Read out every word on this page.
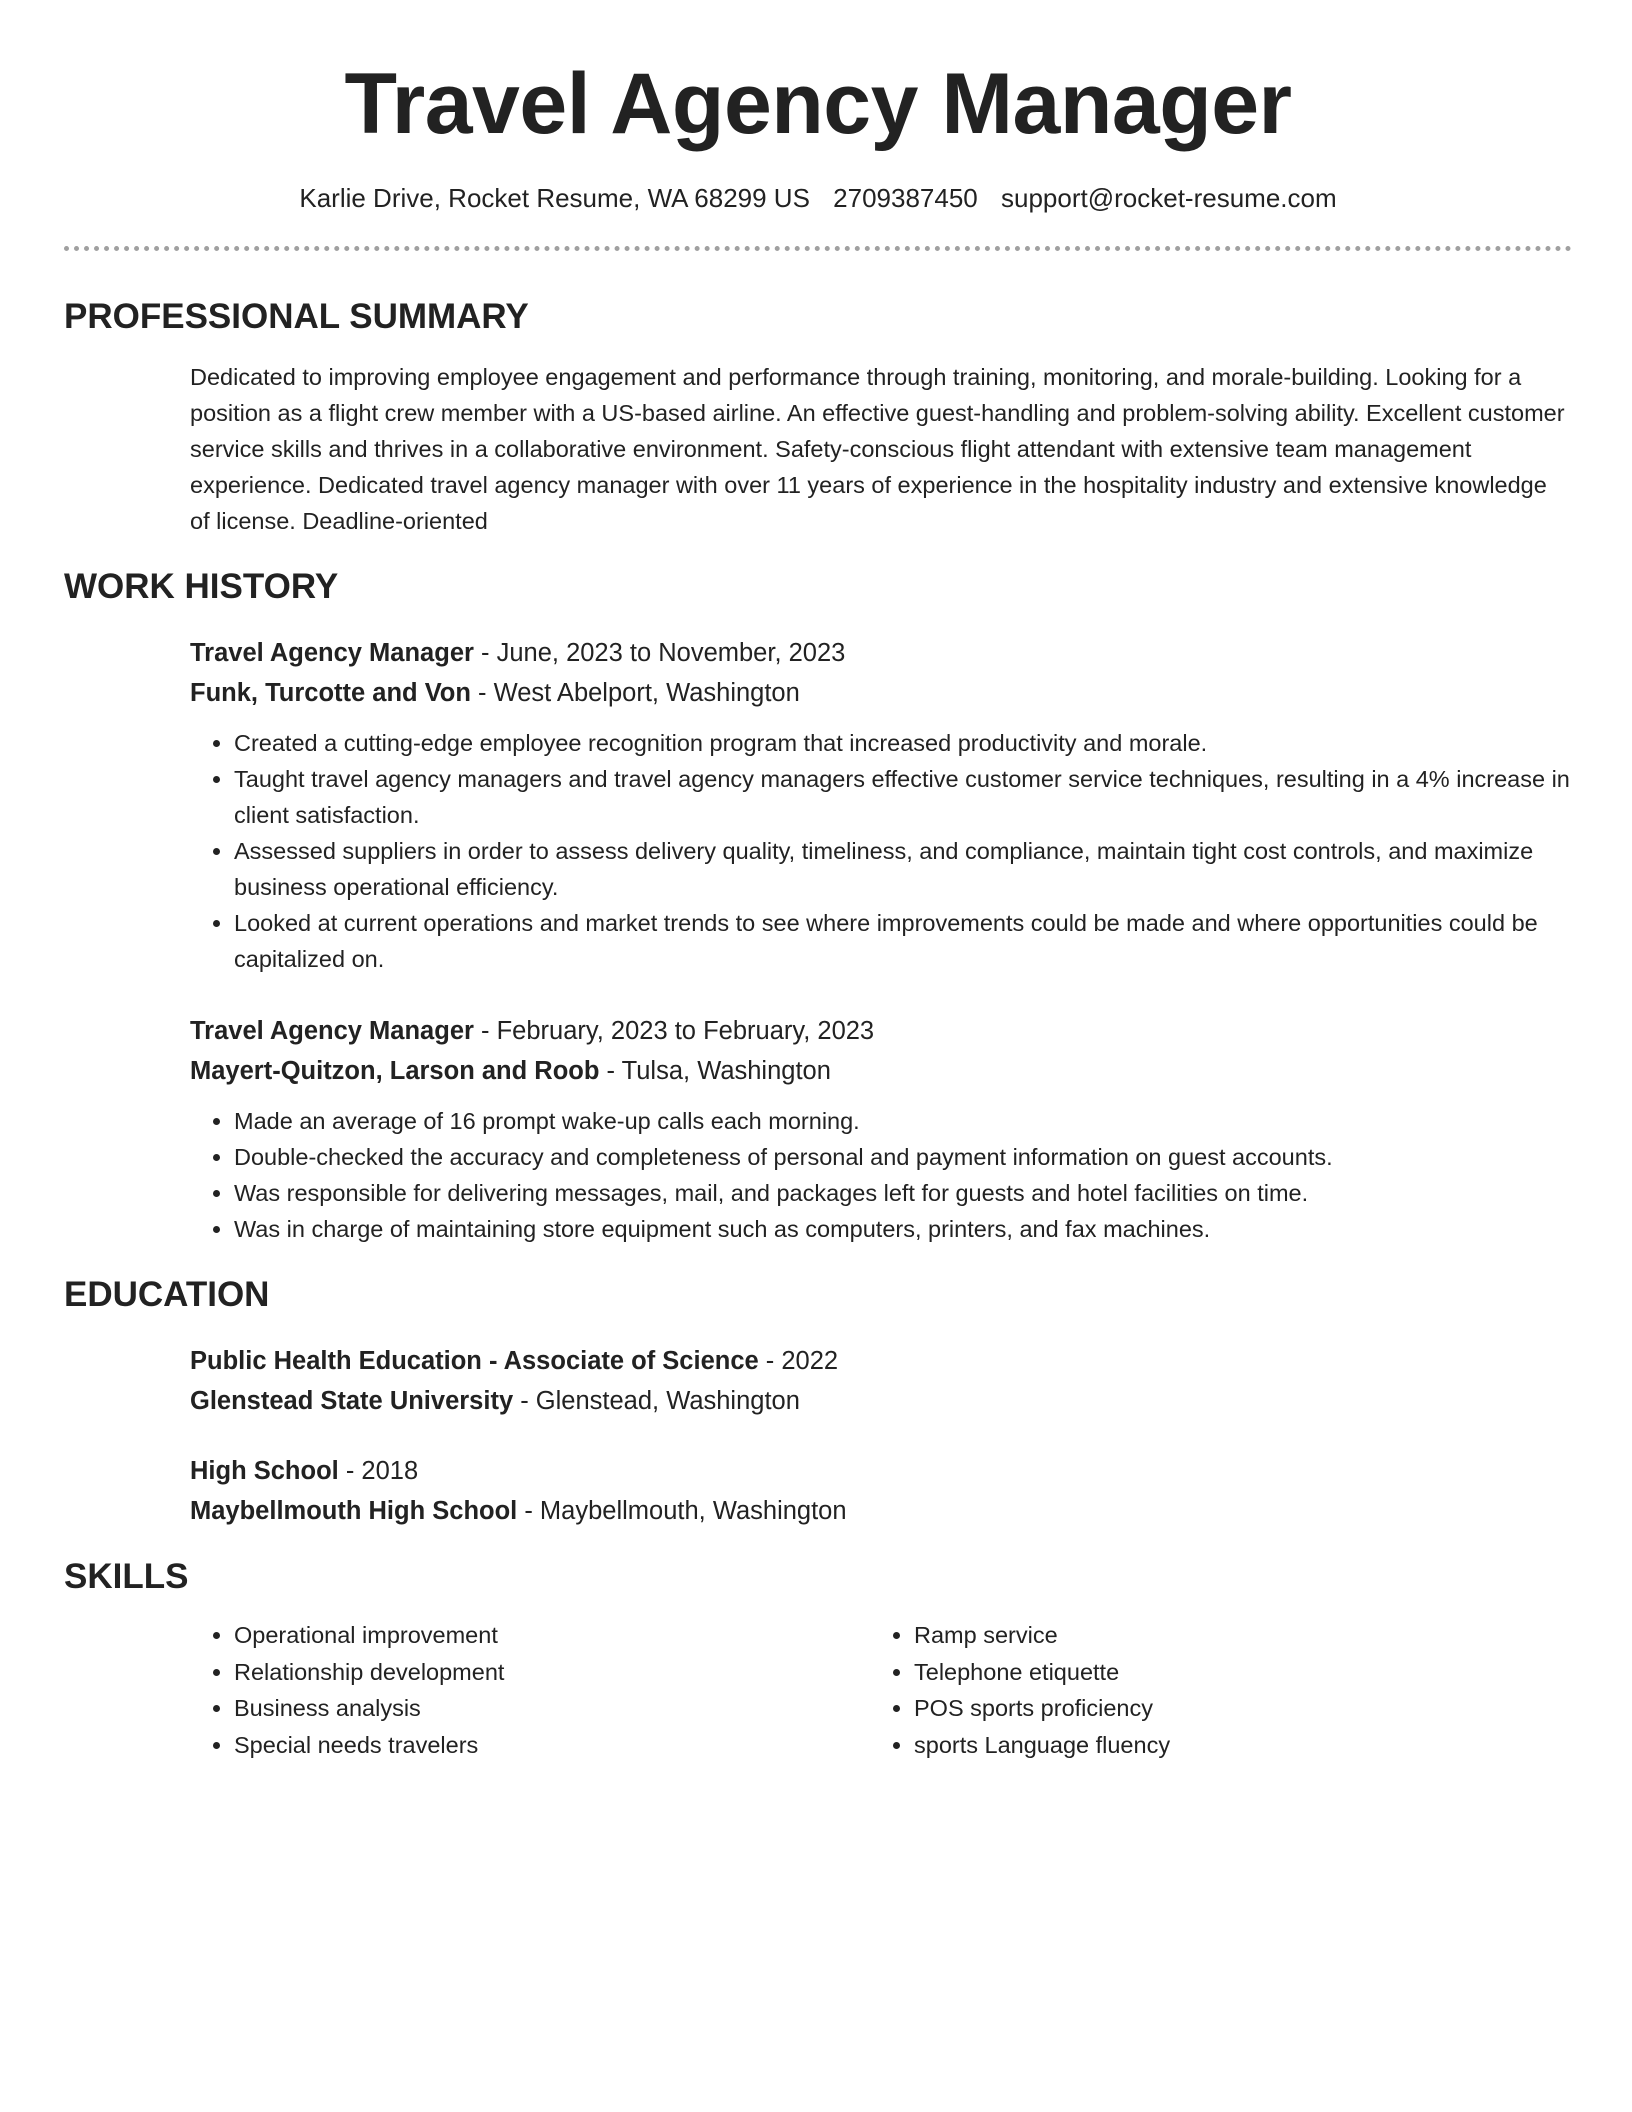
Travel Agency Manager
Karlie Drive, Rocket Resume, WA 68299 US 2709387450 support@rocket-resume.com
PROFESSIONAL SUMMARY
Dedicated to improving employee engagement and performance through training, monitoring, and morale-building. Looking for a position as a flight crew member with a US-based airline. An effective guest-handling and problem-solving ability. Excellent customer service skills and thrives in a collaborative environment. Safety-conscious flight attendant with extensive team management experience. Dedicated travel agency manager with over 11 years of experience in the hospitality industry and extensive knowledge of license. Deadline-oriented
WORK HISTORY
Travel Agency Manager - June, 2023 to November, 2023
Funk, Turcotte and Von - West Abelport, Washington
• Created a cutting-edge employee recognition program that increased productivity and morale.
• Taught travel agency managers and travel agency managers effective customer service techniques, resulting in a 4% increase in client satisfaction.
• Assessed suppliers in order to assess delivery quality, timeliness, and compliance, maintain tight cost controls, and maximize business operational efficiency.
• Looked at current operations and market trends to see where improvements could be made and where opportunities could be capitalized on.
Travel Agency Manager - February, 2023 to February, 2023
Mayert-Quitzon, Larson and Roob - Tulsa, Washington
• Made an average of 16 prompt wake-up calls each morning.
• Double-checked the accuracy and completeness of personal and payment information on guest accounts.
• Was responsible for delivering messages, mail, and packages left for guests and hotel facilities on time.
• Was in charge of maintaining store equipment such as computers, printers, and fax machines.
EDUCATION
Public Health Education - Associate of Science - 2022
Glenstead State University - Glenstead, Washington
High School - 2018
Maybellmouth High School - Maybellmouth, Washington
SKILLS
• Operational improvement
• Relationship development
• Business analysis
• Special needs travelers
• Ramp service
• Telephone etiquette
• POS sports proficiency
• sports Language fluency
